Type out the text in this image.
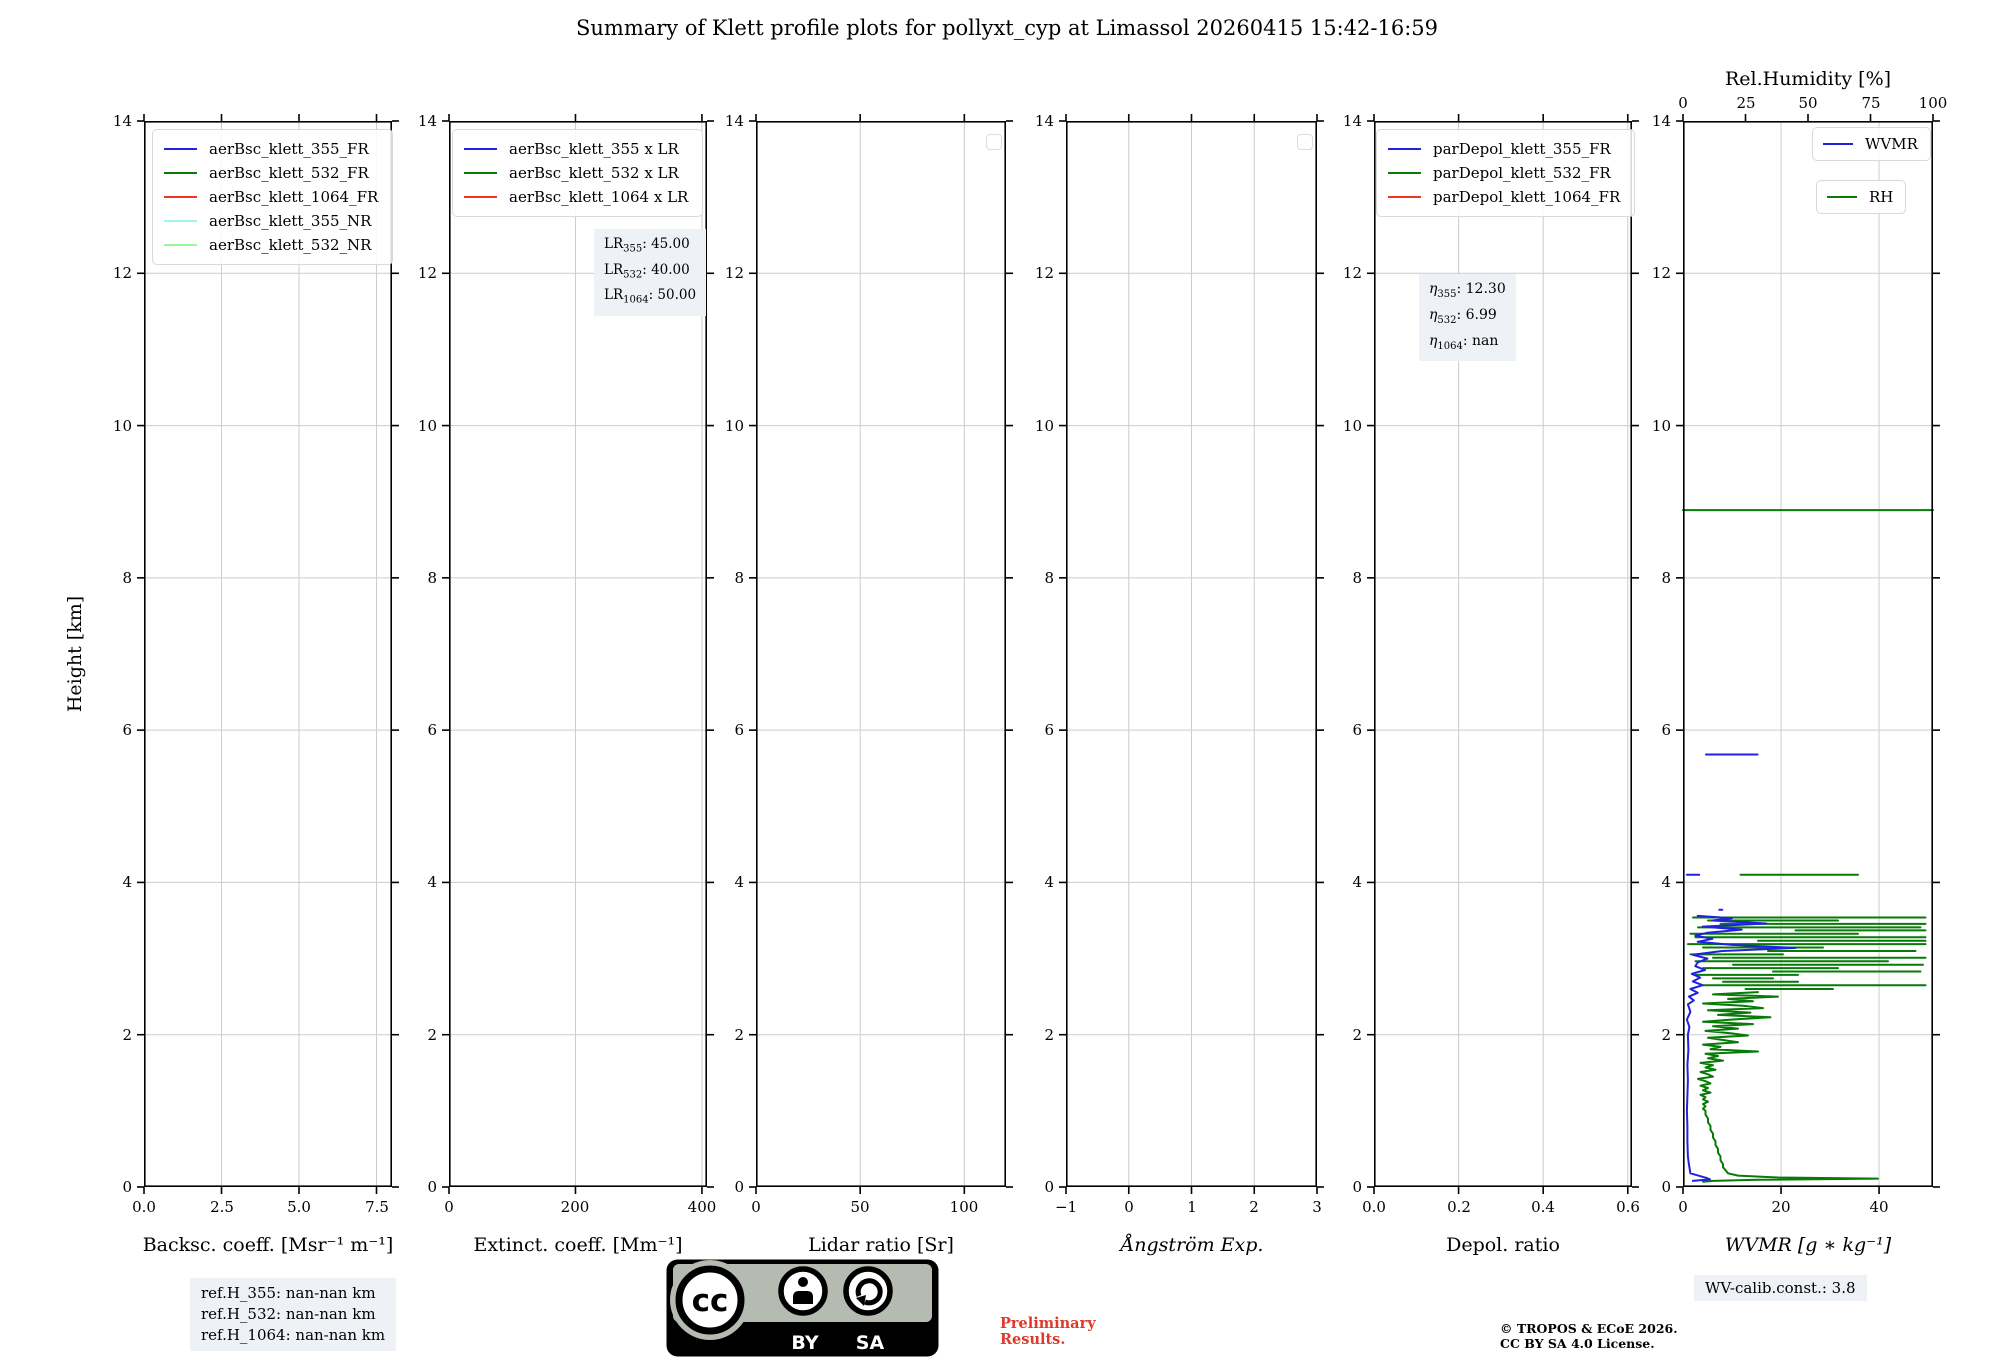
Summary of Klett profile plots for pollyxt_cyp at Limassol 20260415 15:42-16:59
Height [km]
0.0	2.5	5.0	7.5
0
2
4
6
8
10
12
14
0	200	400
0
2
4
6
8
10
12
14
0	50	100
0
2
4
6
8
10
12
14
−1	0	1	2	3
0
2
4
6
8
10
12
14
0.0	0.2	0.4	0.6
0
2
4
6
8
10
12
14
0	20	40
0	25	50	75	100
0
2
4
6
8
10
12
14
Backsc. coeff. [Msr⁻¹ m⁻¹]	Extinct. coeff. [Mm⁻¹]	Lidar ratio [Sr]	Ångström Exp.	Depol. ratio	WVMR [g ∗ kg⁻¹]
Rel.Humidity [%]
aerBsc_klett_355_FR
aerBsc_klett_532_FR
aerBsc_klett_1064_FR
aerBsc_klett_355_NR
aerBsc_klett_532_NR
aerBsc_klett_355 x LR
aerBsc_klett_532 x LR
aerBsc_klett_1064 x LR
parDepol_klett_355_FR
parDepol_klett_532_FR
parDepol_klett_1064_FR
WVMR
RH
$LR_{355}$: 45.00
$LR_{532}$: 40.00
$LR_{1064}$: 50.00	$\eta_{355}$: 12.30
$\eta_{532}$: 6.99
$\eta_{1064}$: nan
ref.H_355: nan-nan km
ref.H_532: nan-nan km
ref.H_1064: nan-nan km
cc
BY SA
Preliminary
Results.
© TROPOS & ECoE 2026.
CC BY SA 4.0 License.
WV-calib.const.: 3.8
